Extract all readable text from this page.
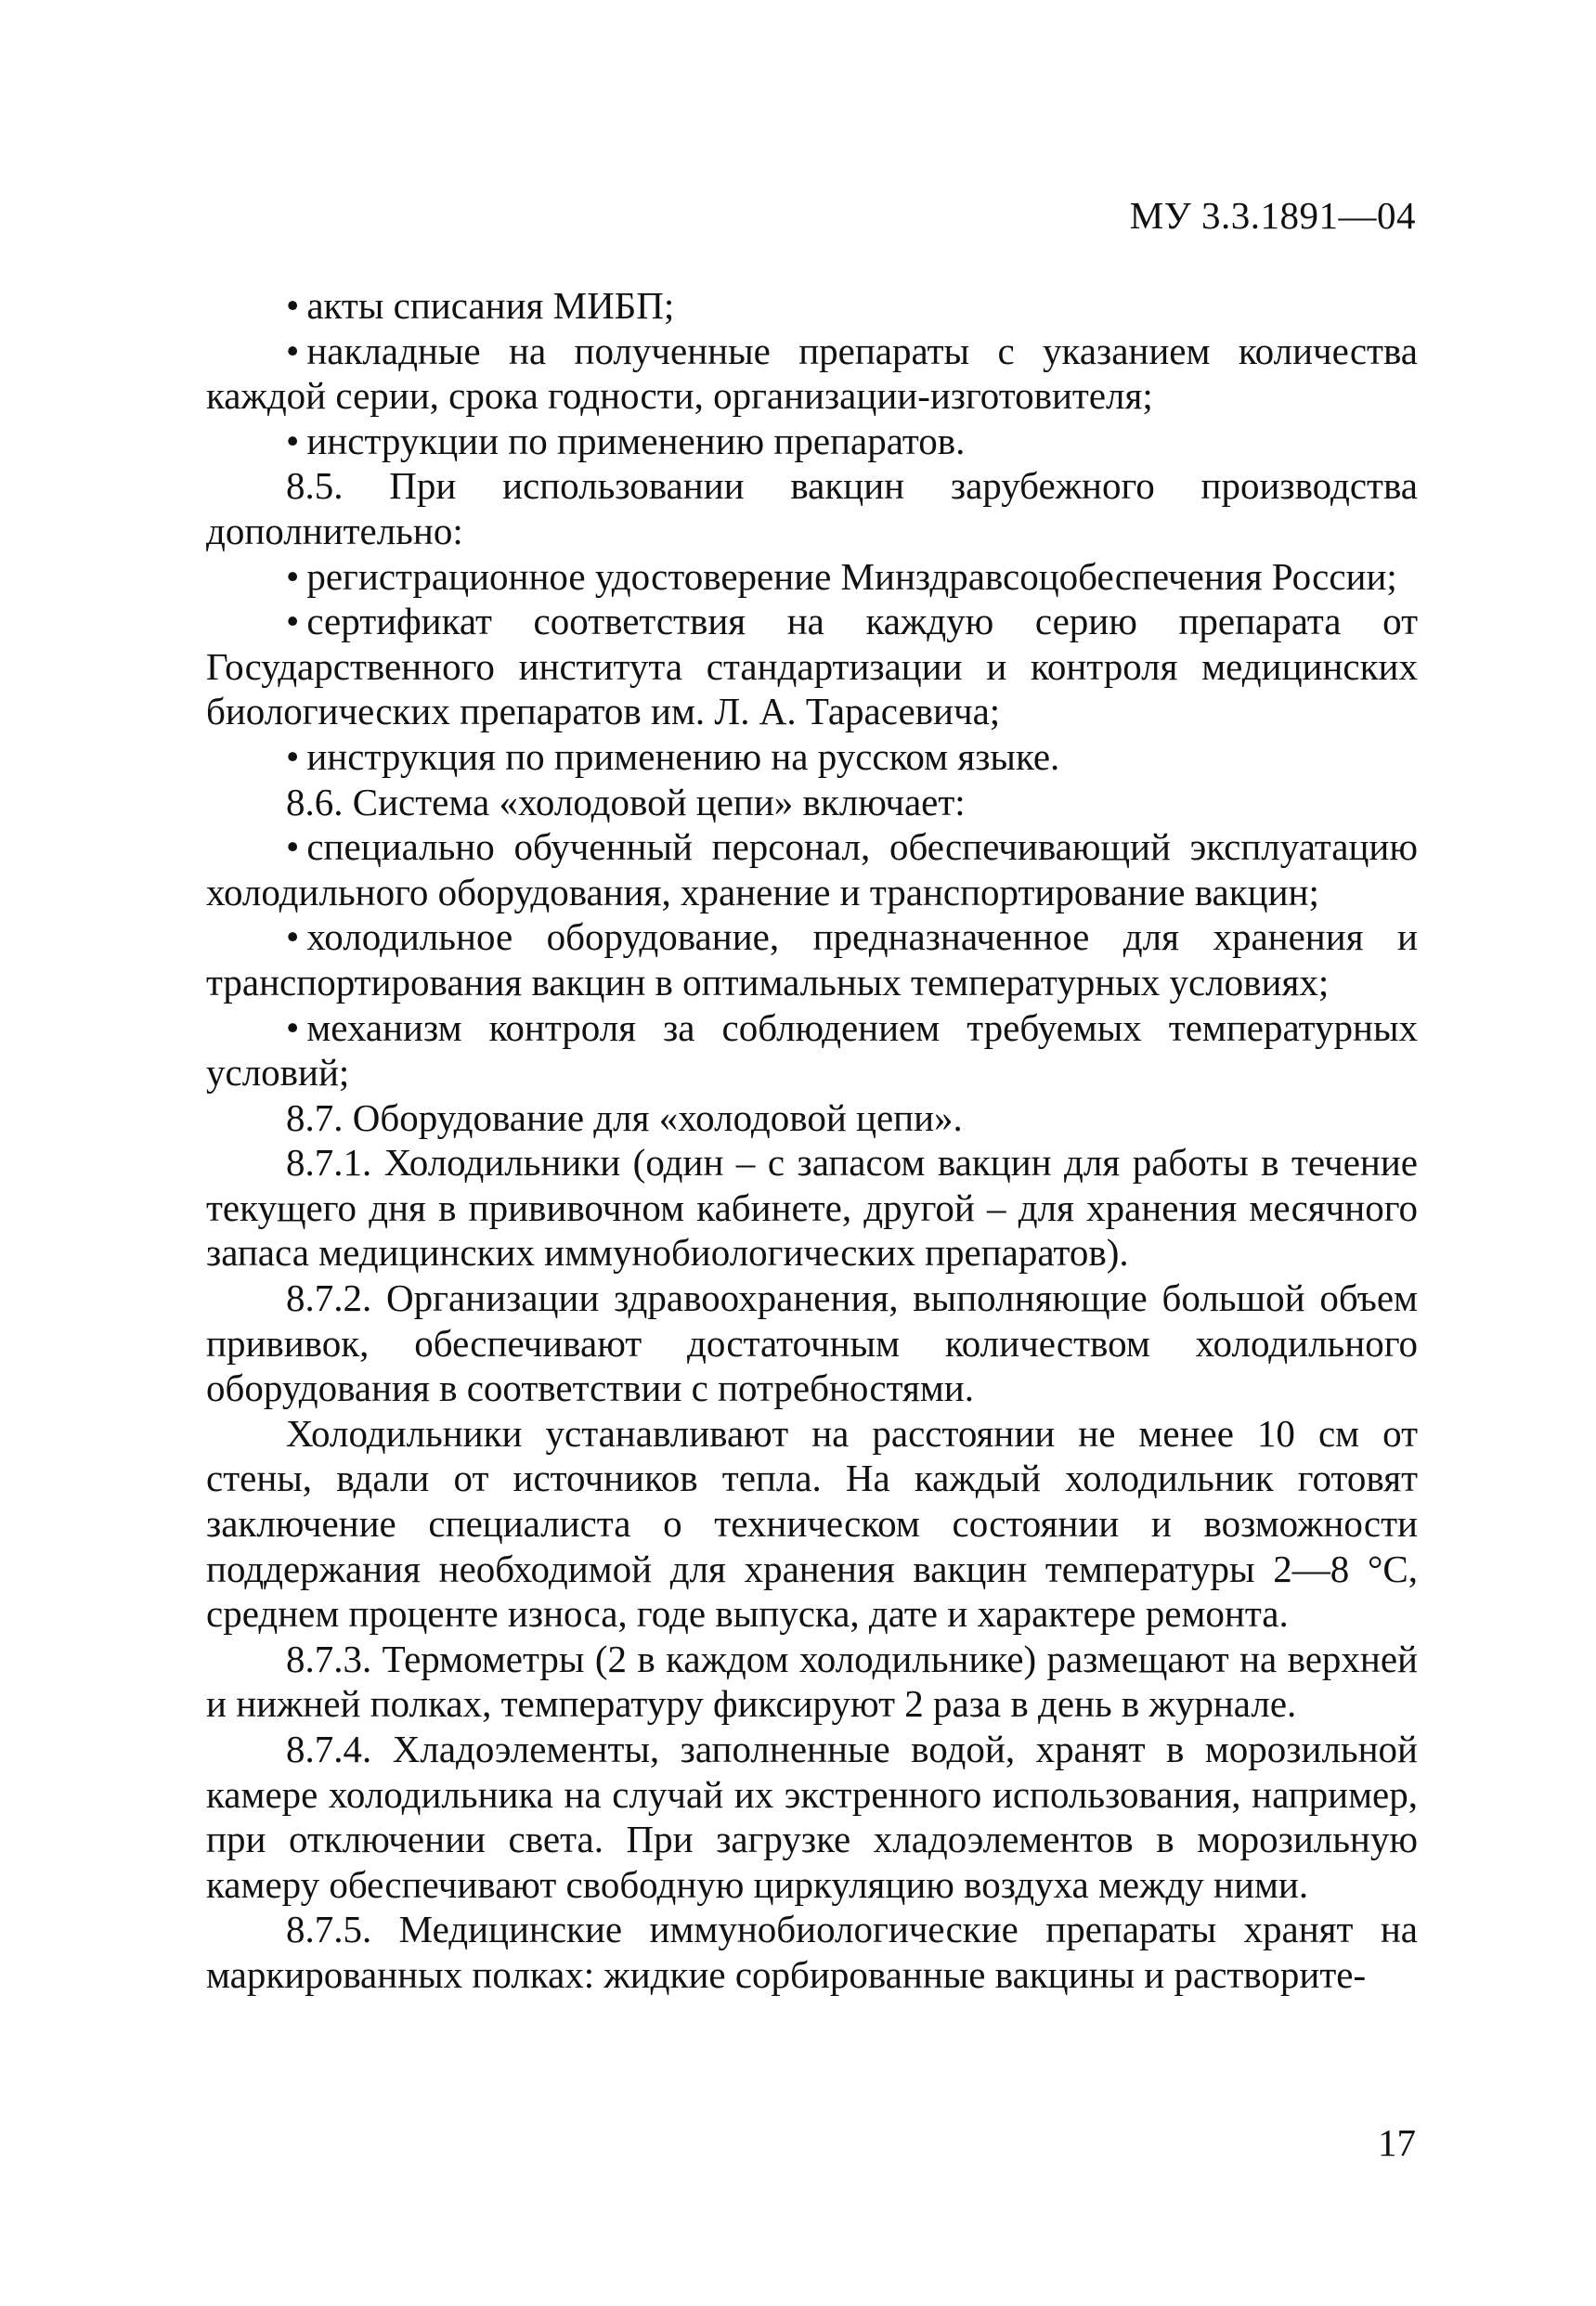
МУ 3.3.1891—04

• акты списания МИБП;

• накладные на полученные препараты с указанием количества каждой серии, срока годности, организации-изготовителя;

• инструкции по применению препаратов.

8.5. При использовании вакцин зарубежного производства дополнительно:

• регистрационное удостоверение Минздравсоцобеспечения России;

• сертификат соответствия на каждую серию препарата от Государственного института стандартизации и контроля медицинских биологических препаратов им. Л. А. Тарасевича;

• инструкция по применению на русском языке.

8.6. Система «холодовой цепи» включает:

• специально обученный персонал, обеспечивающий эксплуатацию холодильного оборудования, хранение и транспортирование вакцин;

• холодильное оборудование, предназначенное для хранения и транспортирования вакцин в оптимальных температурных условиях;

• механизм контроля за соблюдением требуемых температурных условий;

8.7. Оборудование для «холодовой цепи».

8.7.1. Холодильники (один – с запасом вакцин для работы в течение текущего дня в прививочном кабинете, другой – для хранения месячного запаса медицинских иммунобиологических препаратов).

8.7.2. Организации здравоохранения, выполняющие большой объем прививок, обеспечивают достаточным количеством холодильного оборудования в соответствии с потребностями.

Холодильники устанавливают на расстоянии не менее 10 см от стены, вдали от источников тепла. На каждый холодильник готовят заключение специалиста о техническом состоянии и возможности поддержания необходимой для хранения вакцин температуры 2—8 °С, среднем проценте износа, годе выпуска, дате и характере ремонта.

8.7.3. Термометры (2 в каждом холодильнике) размещают на верхней и нижней полках, температуру фиксируют 2 раза в день в журнале.

8.7.4. Хладоэлементы, заполненные водой, хранят в морозильной камере холодильника на случай их экстренного использования, например, при отключении света. При загрузке хладоэлементов в морозильную камеру обеспечивают свободную циркуляцию воздуха между ними.

8.7.5. Медицинские иммунобиологические препараты хранят на маркированных полках: жидкие сорбированные вакцины и растворите-

17
